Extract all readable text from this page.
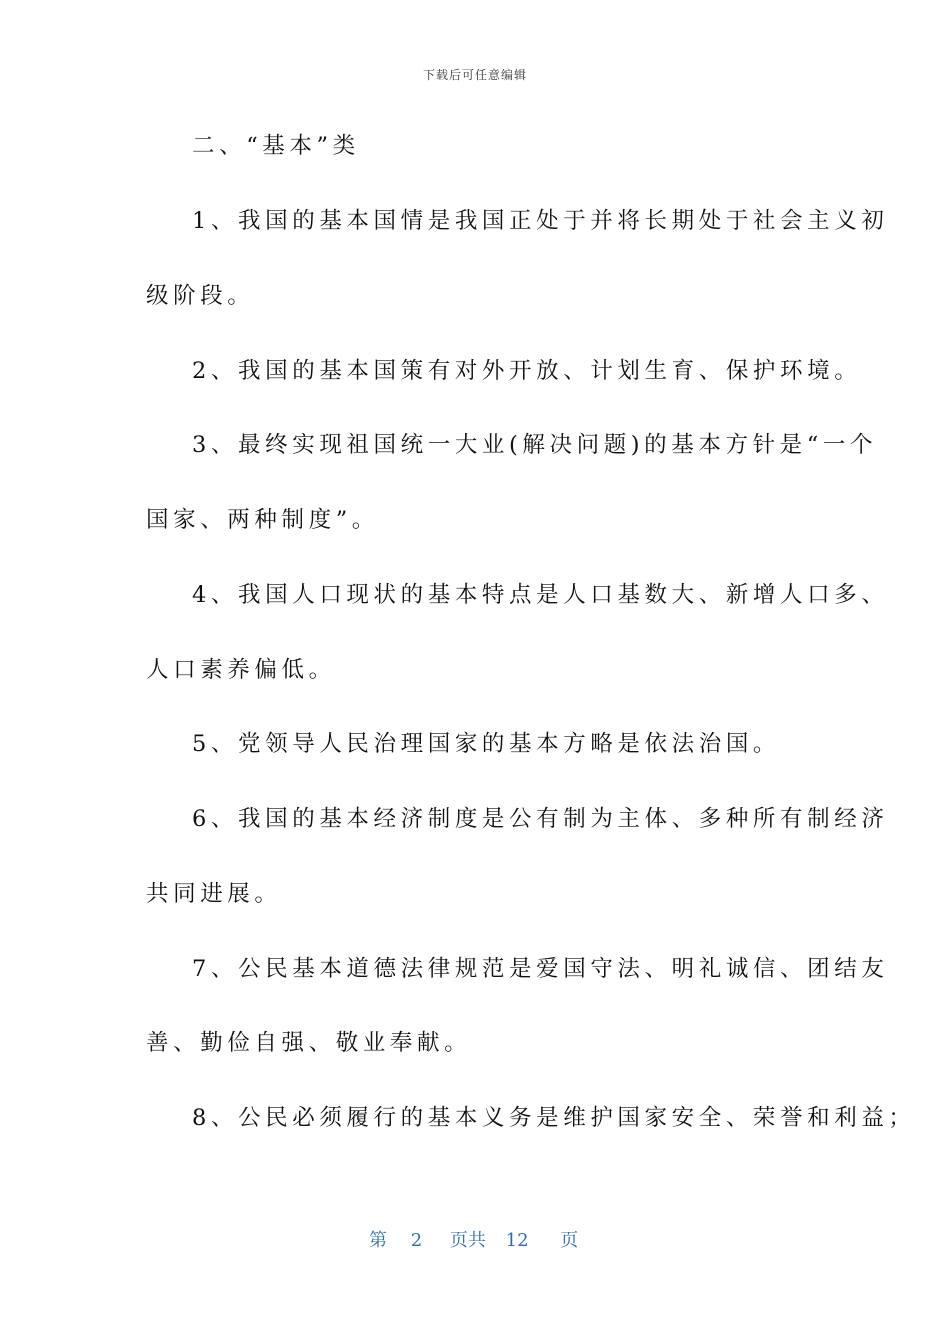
下载后可任意编辑
二、“基本”类
1、我国的基本国情是我国正处于并将长期处于社会主义初
级阶段。
2、我国的基本国策有对外开放、计划生育、保护环境。
3、最终实现祖国统一大业(解决问题)的基本方针是“一个
国家、两种制度”。
4、我国人口现状的基本特点是人口基数大、新增人口多、
人口素养偏低。
5、党领导人民治理国家的基本方略是依法治国。
6、我国的基本经济制度是公有制为主体、多种所有制经济
共同进展。
7、公民基本道德法律规范是爱国守法、明礼诚信、团结友
善、勤俭自强、敬业奉献。
8、公民必须履行的基本义务是维护国家安全、荣誉和利益；
第 2 页共 12 页
